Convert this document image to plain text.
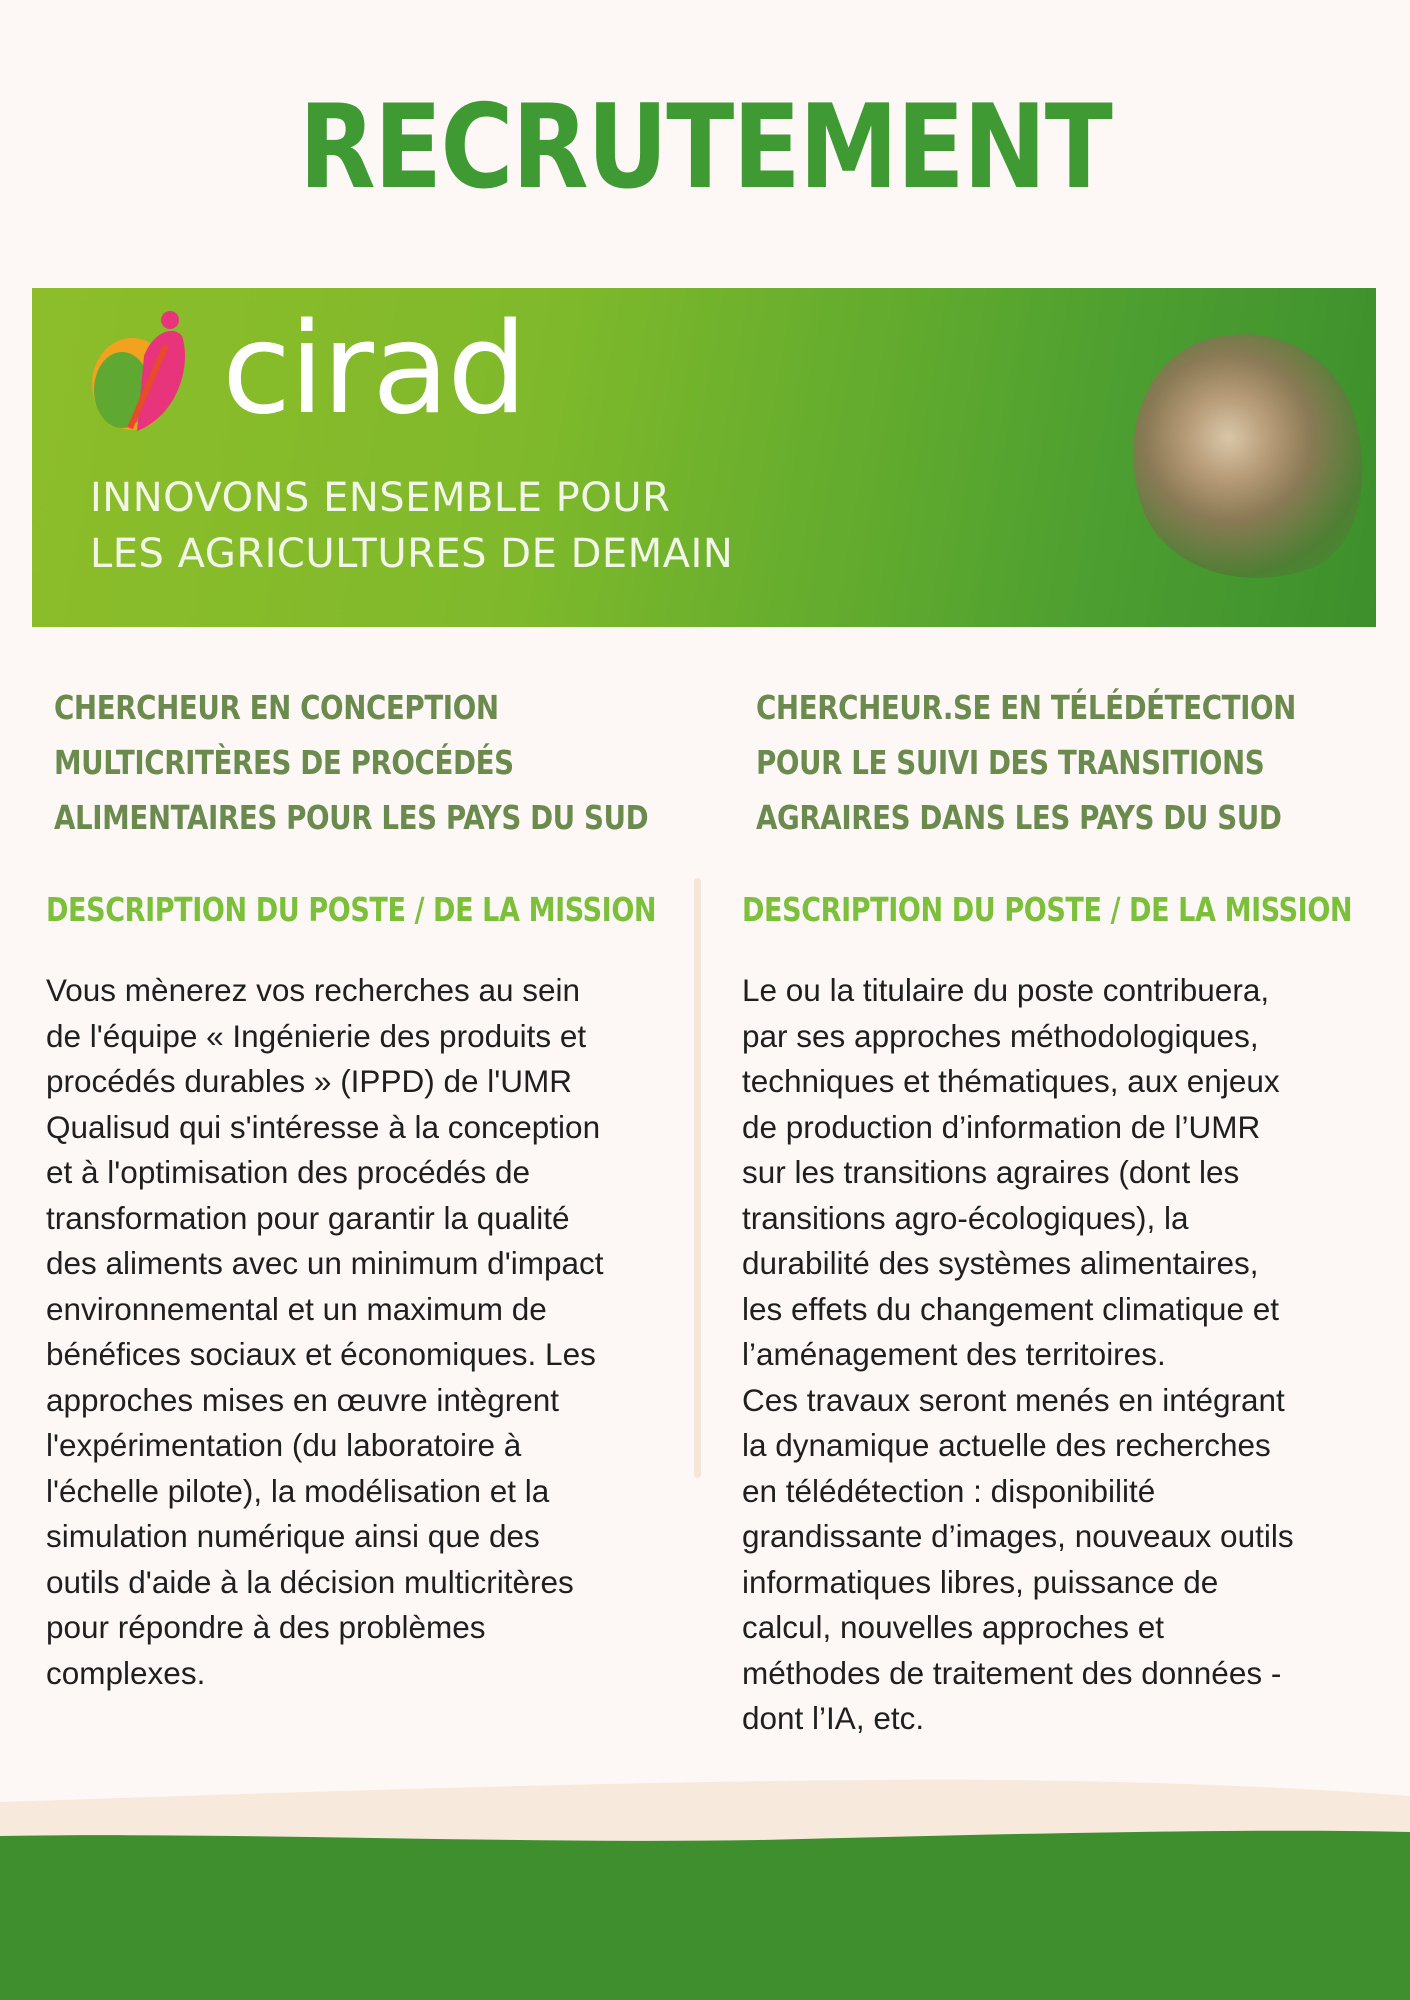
RECRUTEMENT
cirad
INNOVONS ENSEMBLE POUR
LES AGRICULTURES DE DEMAIN
CHERCHEUR EN CONCEPTION
MULTICRITÈRES DE PROCÉDÉS
ALIMENTAIRES POUR LES PAYS DU SUD
DESCRIPTION DU POSTE / DE LA MISSION
Vous mènerez vos recherches au sein
de l'équipe « Ingénierie des produits et
procédés durables » (IPPD) de l'UMR
Qualisud qui s'intéresse à la conception
et à l'optimisation des procédés de
transformation pour garantir la qualité
des aliments avec un minimum d'impact
environnemental et un maximum de
bénéfices sociaux et économiques. Les
approches mises en œuvre intègrent
l'expérimentation (du laboratoire à
l'échelle pilote), la modélisation et la
simulation numérique ainsi que des
outils d'aide à la décision multicritères
pour répondre à des problèmes
complexes.
CHERCHEUR.SE EN TÉLÉDÉTECTION
POUR LE SUIVI DES TRANSITIONS
AGRAIRES DANS LES PAYS DU SUD
DESCRIPTION DU POSTE / DE LA MISSION
Le ou la titulaire du poste contribuera,
par ses approches méthodologiques,
techniques et thématiques, aux enjeux
de production d’information de l’UMR
sur les transitions agraires (dont les
transitions agro-écologiques), la
durabilité des systèmes alimentaires,
les effets du changement climatique et
l’aménagement des territoires.
Ces travaux seront menés en intégrant
la dynamique actuelle des recherches
en télédétection : disponibilité
grandissante d’images, nouveaux outils
informatiques libres, puissance de
calcul, nouvelles approches et
méthodes de traitement des données -
dont l’IA, etc.
